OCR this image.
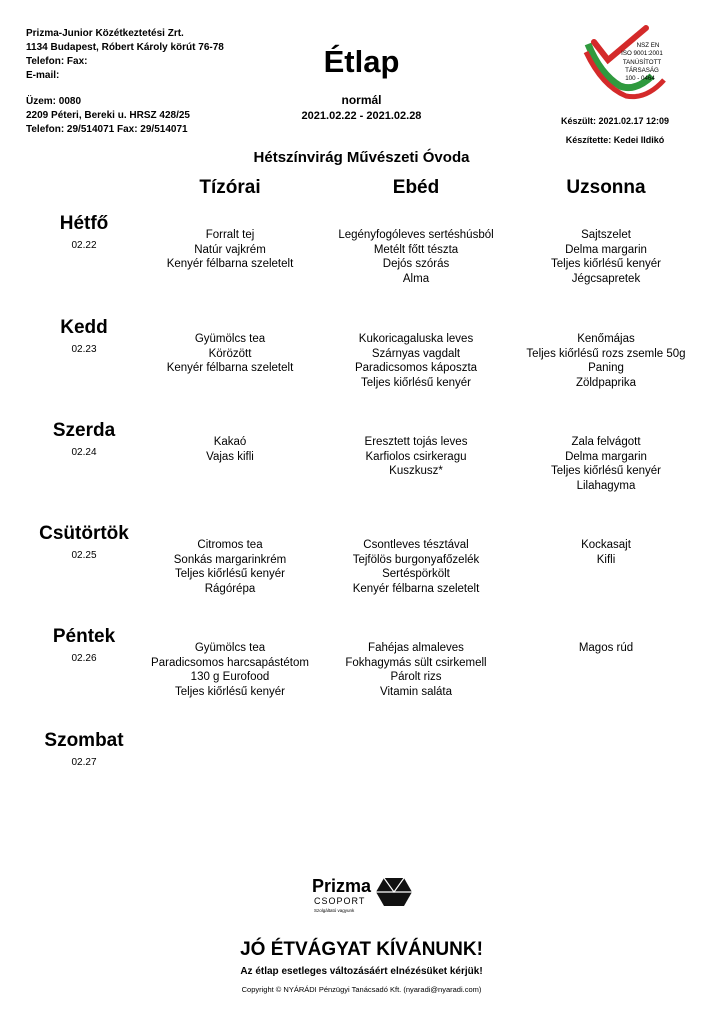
Prizma-Junior Közétkeztetési Zrt.
1134 Budapest, Róbert Károly körút 76-78
Telefon: Fax:
E-mail:
Üzem: 0080
2209 Péteri, Bereki u. HRSZ 428/25
Telefon: 29/514071 Fax: 29/514071
Étlap
normál
2021.02.22 - 2021.02.28
NSZ EN
ISO 9001:2001
TANÚSÍTOTT
TÁRSASÁG
100 - 0464
Készült: 2021.02.17 12:09
Készítette: Kedei Ildikó
Hétszínvirág Művészeti Óvoda
Tízórai	Ebéd	Uzsonna
Hétfő
02.22
Forralt tej
Natúr vajkrém
Kenyér félbarna szeletelt
Legényfogóleves sertéshúsból
Metélt főtt tészta
Dejós szórás
Alma
Sajtszelet
Delma margarin
Teljes kiőrlésű kenyér
Jégcsapretek
Kedd
02.23
Gyümölcs tea
Körözött
Kenyér félbarna szeletelt
Kukoricagaluska leves
Szárnyas vagdalt
Paradicsomos káposzta
Teljes kiőrlésű kenyér
Kenőmájas
Teljes kiőrlésű rozs zsemle 50g
Paning
Zöldpaprika
Szerda
02.24
Kakaó
Vajas kifli
Eresztett tojás leves
Karfiolos csirkeragu
Kuszkusz*
Zala felvágott
Delma margarin
Teljes kiőrlésű kenyér
Lilahagyma
Csütörtök
02.25
Citromos tea
Sonkás margarinkrém
Teljes kiőrlésű kenyér
Rágórépa
Csontleves tésztával
Tejfölös burgonyafőzelék
Sertéspörkölt
Kenyér félbarna szeletelt
Kockasajt
Kifli
Péntek
02.26
Gyümölcs tea
Paradicsomos harcsapástétom
130 g Eurofood
Teljes kiőrlésű kenyér
Fahéjas almaleves
Fokhagymás sült csirkemell
Párolt rizs
Vitamin saláta
Magos rúd
Szombat
02.27
Prizma
CSOPORT
Szolgáltató vagyunk
JÓ ÉTVÁGYAT KÍVÁNUNK!
Az étlap esetleges változásáért elnézésüket kérjük!
Copyright © NYÁRÁDI Pénzügyi Tanácsadó Kft. (nyaradi@nyaradi.com)
